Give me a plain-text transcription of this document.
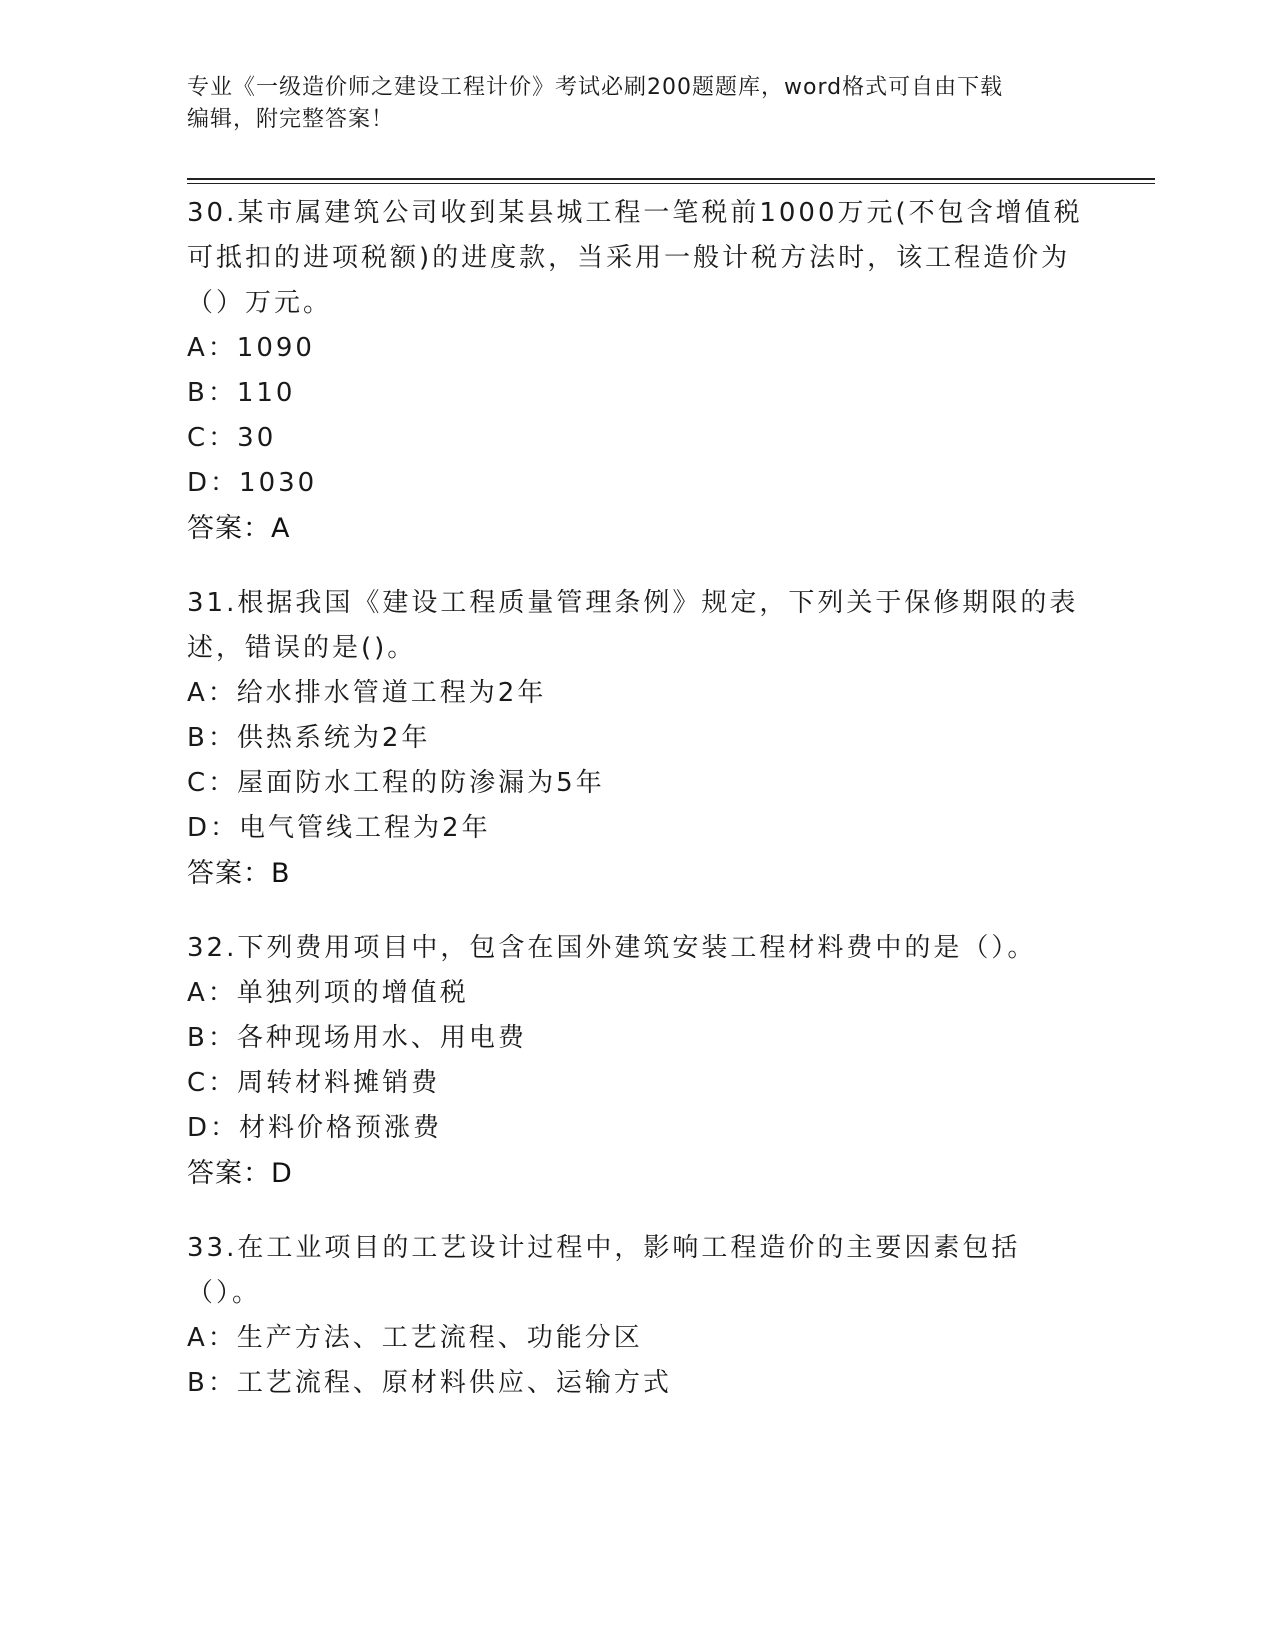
专业《一级造价师之建设工程计价》考试必刷200题题库，word格式可自由下载
编辑，附完整答案！

30.某市属建筑公司收到某县城工程一笔税前1000万元(不包含增值税可抵扣的进项税额)的进度款，当采用一般计税方法时，该工程造价为（）万元。

A：1090

B：110

C：30

D：1030

答案：A

31.根据我国《建设工程质量管理条例》规定，下列关于保修期限的表述，错误的是()。

A：给水排水管道工程为2年

B：供热系统为2年

C：屋面防水工程的防渗漏为5年

D：电气管线工程为2年

答案：B

32.下列费用项目中，包含在国外建筑安装工程材料费中的是（）。

A：单独列项的增值税

B：各种现场用水、用电费

C：周转材料摊销费

D：材料价格预涨费

答案：D

33.在工业项目的工艺设计过程中，影响工程造价的主要因素包括（）。

A：生产方法、工艺流程、功能分区

B：工艺流程、原材料供应、运输方式
